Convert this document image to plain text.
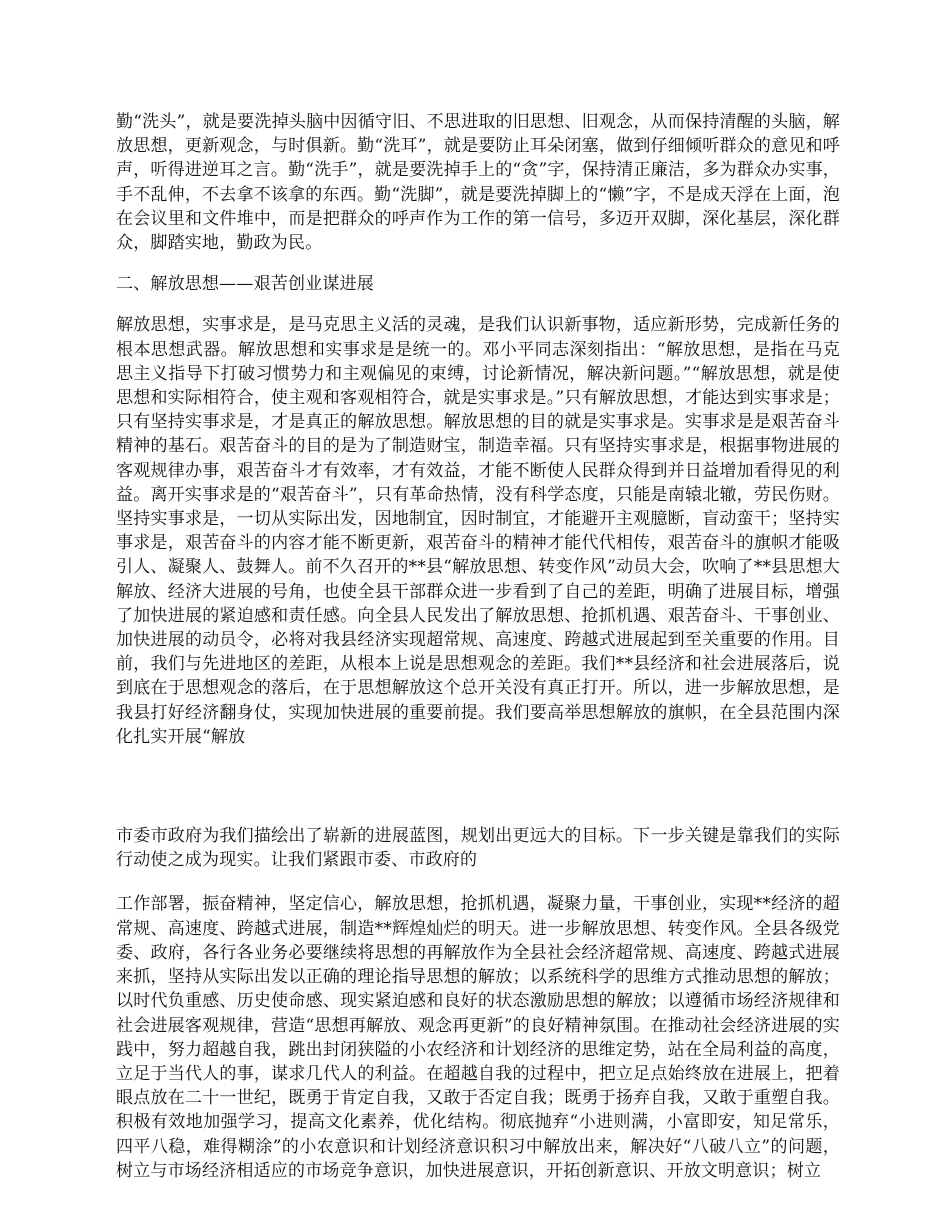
勤“洗头”，就是要洗掉头脑中因循守旧、不思进取的旧思想、旧观念，从而保持清醒的头脑，解放思想，更新观念，与时俱新。勤“洗耳”，就是要防止耳朵闭塞，做到仔细倾听群众的意见和呼声，听得进逆耳之言。勤“洗手”，就是要洗掉手上的“贪”字，保持清正廉洁，多为群众办实事，手不乱伸，不去拿不该拿的东西。勤“洗脚”，就是要洗掉脚上的“懒”字，不是成天浮在上面，泡在会议里和文件堆中，而是把群众的呼声作为工作的第一信号，多迈开双脚，深化基层，深化群众，脚踏实地，勤政为民。

二、解放思想——艰苦创业谋进展

解放思想，实事求是，是马克思主义活的灵魂，是我们认识新事物，适应新形势，完成新任务的根本思想武器。解放思想和实事求是是统一的。邓小平同志深刻指出：“解放思想，是指在马克思主义指导下打破习惯势力和主观偏见的束缚，讨论新情况，解决新问题。”“解放思想，就是使思想和实际相符合，使主观和客观相符合，就是实事求是。”只有解放思想，才能达到实事求是；只有坚持实事求是，才是真正的解放思想。解放思想的目的就是实事求是。实事求是是艰苦奋斗精神的基石。艰苦奋斗的目的是为了制造财宝，制造幸福。只有坚持实事求是，根据事物进展的客观规律办事，艰苦奋斗才有效率，才有效益，才能不断使人民群众得到并日益增加看得见的利益。离开实事求是的“艰苦奋斗”，只有革命热情，没有科学态度，只能是南辕北辙，劳民伤财。坚持实事求是，一切从实际出发，因地制宜，因时制宜，才能避开主观臆断，盲动蛮干；坚持实事求是，艰苦奋斗的内容才能不断更新，艰苦奋斗的精神才能代代相传，艰苦奋斗的旗帜才能吸引人、凝聚人、鼓舞人。前不久召开的**县“解放思想、转变作风”动员大会，吹响了**县思想大解放、经济大进展的号角，也使全县干部群众进一步看到了自己的差距，明确了进展目标，增强了加快进展的紧迫感和责任感。向全县人民发出了解放思想、抢抓机遇、艰苦奋斗、干事创业、加快进展的动员令，必将对我县经济实现超常规、高速度、跨越式进展起到至关重要的作用。目前，我们与先进地区的差距，从根本上说是思想观念的差距。我们**县经济和社会进展落后，说到底在于思想观念的落后，在于思想解放这个总开关没有真正打开。所以，进一步解放思想，是我县打好经济翻身仗，实现加快进展的重要前提。我们要高举思想解放的旗帜，在全县范围内深化扎实开展“解放

市委市政府为我们描绘出了崭新的进展蓝图，规划出更远大的目标。下一步关键是靠我们的实际行动使之成为现实。让我们紧跟市委、市政府的

工作部署，振奋精神，坚定信心，解放思想，抢抓机遇，凝聚力量，干事创业，实现**经济的超常规、高速度、跨越式进展，制造**辉煌灿烂的明天。进一步解放思想、转变作风。全县各级党委、政府，各行各业务必要继续将思想的再解放作为全县社会经济超常规、高速度、跨越式进展来抓，坚持从实际出发以正确的理论指导思想的解放；以系统科学的思维方式推动思想的解放；以时代负重感、历史使命感、现实紧迫感和良好的状态激励思想的解放；以遵循市场经济规律和社会进展客观规律，营造“思想再解放、观念再更新”的良好精神氛围。在推动社会经济进展的实践中，努力超越自我，跳出封闭狭隘的小农经济和计划经济的思维定势，站在全局利益的高度，立足于当代人的事，谋求几代人的利益。在超越自我的过程中，把立足点始终放在进展上，把着眼点放在二十一世纪，既勇于肯定自我，又敢于否定自我；既勇于扬弃自我，又敢于重塑自我。积极有效地加强学习，提高文化素养，优化结构。彻底抛弃“小进则满，小富即安，知足常乐，四平八稳，难得糊涂”的小农意识和计划经济意识积习中解放出来，解决好“八破八立”的问题，树立与市场经济相适应的市场竞争意识，加快进展意识，开拓创新意识、开放文明意识；树立
